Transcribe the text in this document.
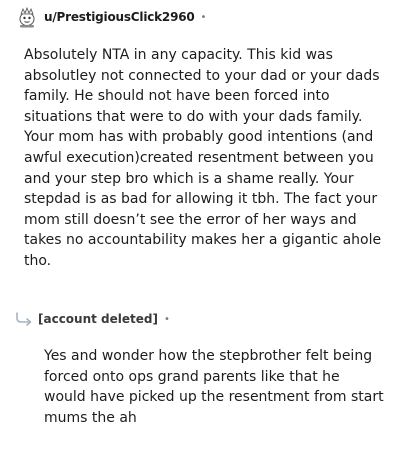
u/PrestigiousClick2960 •

Absolutely NTA in any capacity. This kid was absolutley not connected to your dad or your dads family. He should not have been forced into situations that were to do with your dads family. Your mom has with probably good intentions (and awful execution)created resentment between you and your step bro which is a shame really. Your stepdad is as bad for allowing it tbh. The fact your mom still doesn’t see the error of her ways and takes no accountability makes her a gigantic ahole tho.

[account deleted] •

Yes and wonder how the stepbrother felt being forced onto ops grand parents like that he would have picked up the resentment from start mums the ah
